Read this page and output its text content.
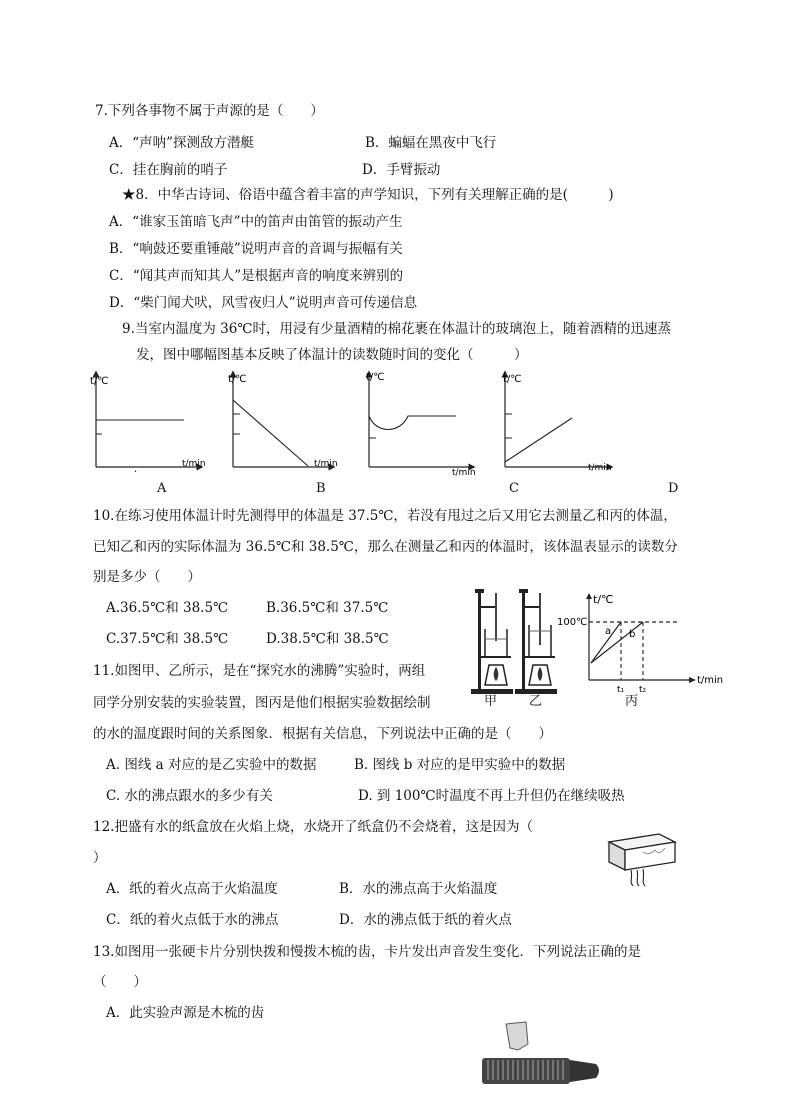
7.下列各事物不属于声源的是（　　）
A．“声呐”探测敌方潜艇	B．蝙蝠在黑夜中飞行
C．挂在胸前的哨子	D．手臂振动
★8．中华古诗词、俗语中蕴含着丰富的声学知识，下列有关理解正确的是(　　　)
A．“谁家玉笛暗飞声”中的笛声由笛管的振动产生
B．“响鼓还要重锤敲”说明声音的音调与振幅有关
C．“闻其声而知其人”是根据声音的响度来辨别的
D．“柴门闻犬吠，风雪夜归人”说明声音可传递信息
9.当室内温度为 36℃时，用浸有少量酒精的棉花裹在体温计的玻璃泡上，随着酒精的迅速蒸
发，图中哪幅图基本反映了体温计的读数随时间的变化（　　　）
.
t/℃
t/min
t/℃
t/min
t/℃
t/min
t/℃
t/min
A	B	C	D
10.在练习使用体温计时先测得甲的体温是 37.5℃，若没有甩过之后又用它去测量乙和丙的体温，
已知乙和丙的实际体温为 36.5℃和 38.5℃，那么在测量乙和丙的体温时，该体温表显示的读数分
别是多少（　　）
A.36.5℃和 38.5℃	B.36.5℃和 37.5℃
C.37.5℃和 38.5℃	D.38.5℃和 38.5℃
11.如图甲、乙所示，是在“探究水的沸腾”实验时，两组
同学分别安装的实验装置，图丙是他们根据实验数据绘制
的水的温度跟时间的关系图象．根据有关信息，下列说法中正确的是（　　）
A. 图线 a 对应的是乙实验中的数据	B. 图线 b 对应的是甲实验中的数据
C. 水的沸点跟水的多少有关	D. 到 100℃时温度不再上升但仍在继续吸热
t/℃
100℃
a b
t₁ t₂
t/min
甲 乙	丙
12.把盛有水的纸盒放在火焰上烧，水烧开了纸盒仍不会烧着，这是因为（
）
A．纸的着火点高于火焰温度	B．水的沸点高于火焰温度
C．纸的着火点低于水的沸点	D．水的沸点低于纸的着火点
13.如图用一张硬卡片分别快拨和慢拨木梳的齿，卡片发出声音发生变化．下列说法正确的是
（　　）
A．此实验声源是木梳的齿
